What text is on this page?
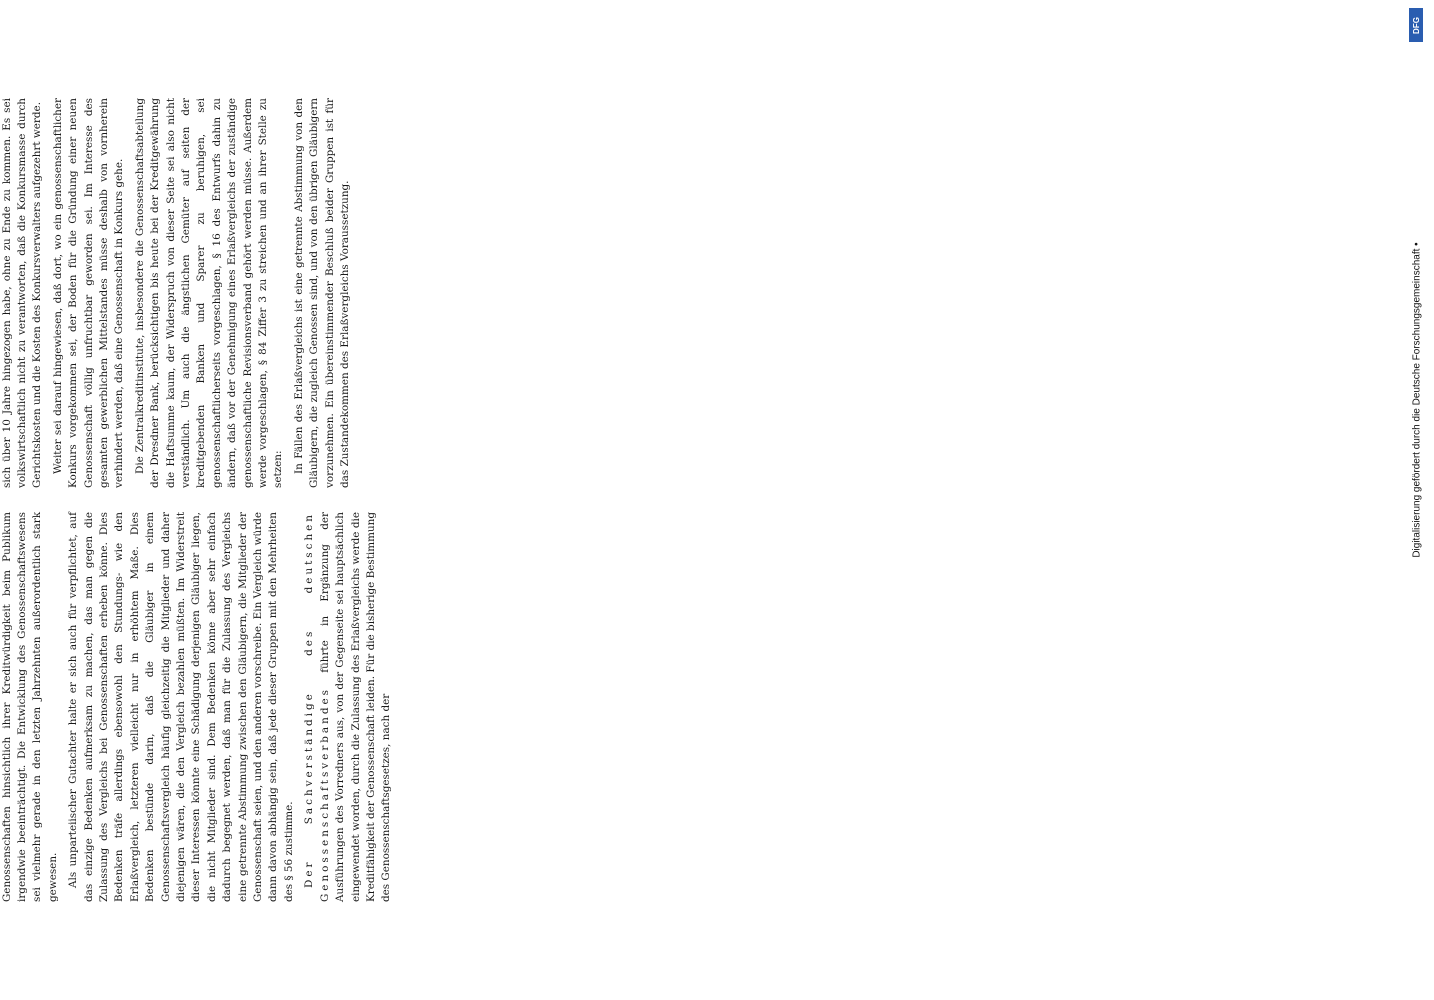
Genossenschaften hinsichtlich ihrer Kreditwürdigkeit beim Publikum irgendwie beeinträchtigt. Die Entwicklung des Genossenschaftswesens sei vielmehr gerade in den letzten Jahrzehnten außerordentlich stark gewesen. Als unparteiischer Gutachter halte er sich auch für verpflichtet, auf das einzige Bedenken aufmerksam zu machen, das man gegen die Zulassung des Vergleichs bei Genossenschaften erheben könne. Dies Bedenken träfe allerdings ebensowohl den Stundungs- wie den Erlaßvergleich, letzteren vielleicht nur in erhöhtem Maße. Dies Bedenken bestünde darin, daß die Gläubiger in einem Genossenschaftsvergleich häufig gleichzeitig die Mitglieder und daher diejenigen wären, die den Vergleich bezahlen müßten. Im Widerstreit dieser Interessen könnte eine Schädigung derjenigen Gläubiger liegen, die nicht Mitglieder sind. Dem Bedenken könne aber sehr einfach dadurch begegnet werden, daß man für die Zulassung des Vergleichs eine getrennte Abstimmung zwischen den Gläubigern, die Mitglieder der Genossenschaft seien, und den anderen vorschreibe. Ein Vergleich würde dann davon abhängig sein, daß jede dieser Gruppen mit den Mehrheiten des § 56 zustimme. Der Sachverständige des deutschen Genossenschaftsverbandes führte in Ergänzung der Ausführungen des Vorredners aus, von der Gegenseite sei hauptsächlich eingewendet worden, durch die Zulassung des Erlaßvergleichs werde die Kreditfähigkeit der Genossenschaft leiden. Für die bisherige Bestimmung des Genossenschaftsgesetzes, nach der

sich über 10 Jahre hingezogen habe, ohne zu Ende zu kommen. Es sei volkswirtschaftlich nicht zu verantworten, daß die Konkursmasse durch Gerichtskosten und die Kosten des Konkursverwalters aufgezehrt werde. Weiter sei darauf hingewiesen, daß dort, wo ein genossenschaftlicher Konkurs vorgekommen sei, der Boden für die Gründung einer neuen Genossenschaft völlig unfruchtbar geworden sei. Im Interesse des gesamten gewerblichen Mittelstandes müsse deshalb von vornherein verhindert werden, daß eine Genossenschaft in Konkurs gehe. Die Zentralkreditinstitute, insbesondere die Genossenschaftsabteilung der Dresdner Bank, berücksichtigen bis heute bei der Kreditgewährung die Haftsumme kaum, der Widerspruch von dieser Seite sei also nicht verständlich. Um auch die ängstlichen Gemüter auf seiten der kreditgebenden Banken und Sparer zu beruhigen, sei genossenschaftlicherseits vorgeschlagen, § 16 des Entwurfs dahin zu ändern, daß vor der Genehmigung eines Erlaßvergleichs der zuständige genossenschaftliche Revisionsverband gehört werden müsse. Außerdem werde vorgeschlagen, § 84 Ziffer 3 zu streichen und an ihrer Stelle zu setzen: In Fällen des Erlaßvergleichs ist eine getrennte Abstimmung von den Gläubigern, die zugleich Genossen sind, und von den übrigen Gläubigern vorzunehmen. Ein übereinstimmender Beschluß beider Gruppen ist für das Zustandekommen des Erlaßvergleichs Voraussetzung.

DFG
Digitalisierung gefördert durch die Deutsche Forschungsgemeinschaft •
